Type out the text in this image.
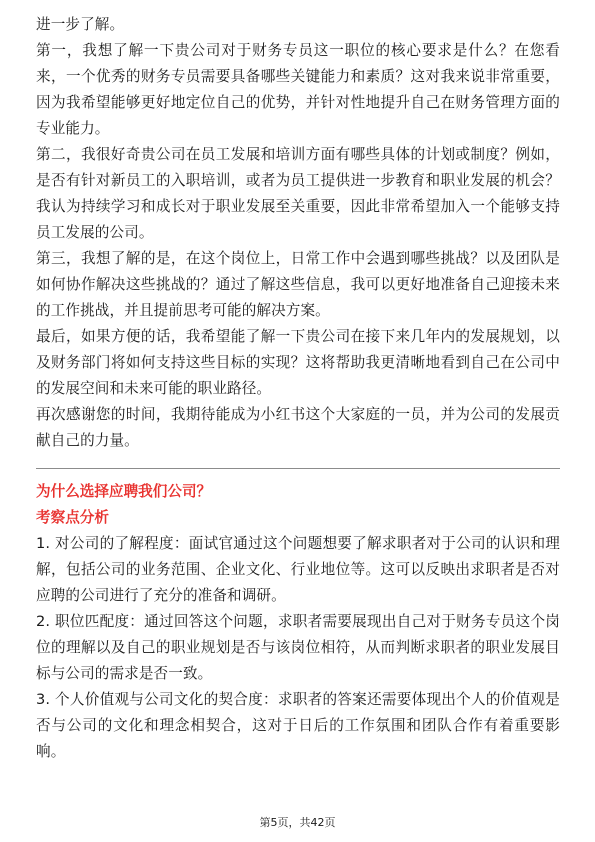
进一步了解。

第一，我想了解一下贵公司对于财务专员这一职位的核心要求是什么？在您看来，一个优秀的财务专员需要具备哪些关键能力和素质？这对我来说非常重要，因为我希望能够更好地定位自己的优势，并针对性地提升自己在财务管理方面的专业能力。

第二，我很好奇贵公司在员工发展和培训方面有哪些具体的计划或制度？例如，是否有针对新员工的入职培训，或者为员工提供进一步教育和职业发展的机会？我认为持续学习和成长对于职业发展至关重要，因此非常希望加入一个能够支持员工发展的公司。

第三，我想了解的是，在这个岗位上，日常工作中会遇到哪些挑战？以及团队是如何协作解决这些挑战的？通过了解这些信息，我可以更好地准备自己迎接未来的工作挑战，并且提前思考可能的解决方案。

最后，如果方便的话，我希望能了解一下贵公司在接下来几年内的发展规划，以及财务部门将如何支持这些目标的实现？这将帮助我更清晰地看到自己在公司中的发展空间和未来可能的职业路径。

再次感谢您的时间，我期待能成为小红书这个大家庭的一员，并为公司的发展贡献自己的力量。

为什么选择应聘我们公司？

考察点分析

1. 对公司的了解程度：面试官通过这个问题想要了解求职者对于公司的认识和理解，包括公司的业务范围、企业文化、行业地位等。这可以反映出求职者是否对应聘的公司进行了充分的准备和调研。

2. 职位匹配度：通过回答这个问题，求职者需要展现出自己对于财务专员这个岗位的理解以及自己的职业规划是否与该岗位相符，从而判断求职者的职业发展目标与公司的需求是否一致。

3. 个人价值观与公司文化的契合度：求职者的答案还需要体现出个人的价值观是否与公司的文化和理念相契合，这对于日后的工作氛围和团队合作有着重要影响。

第5页，共42页
